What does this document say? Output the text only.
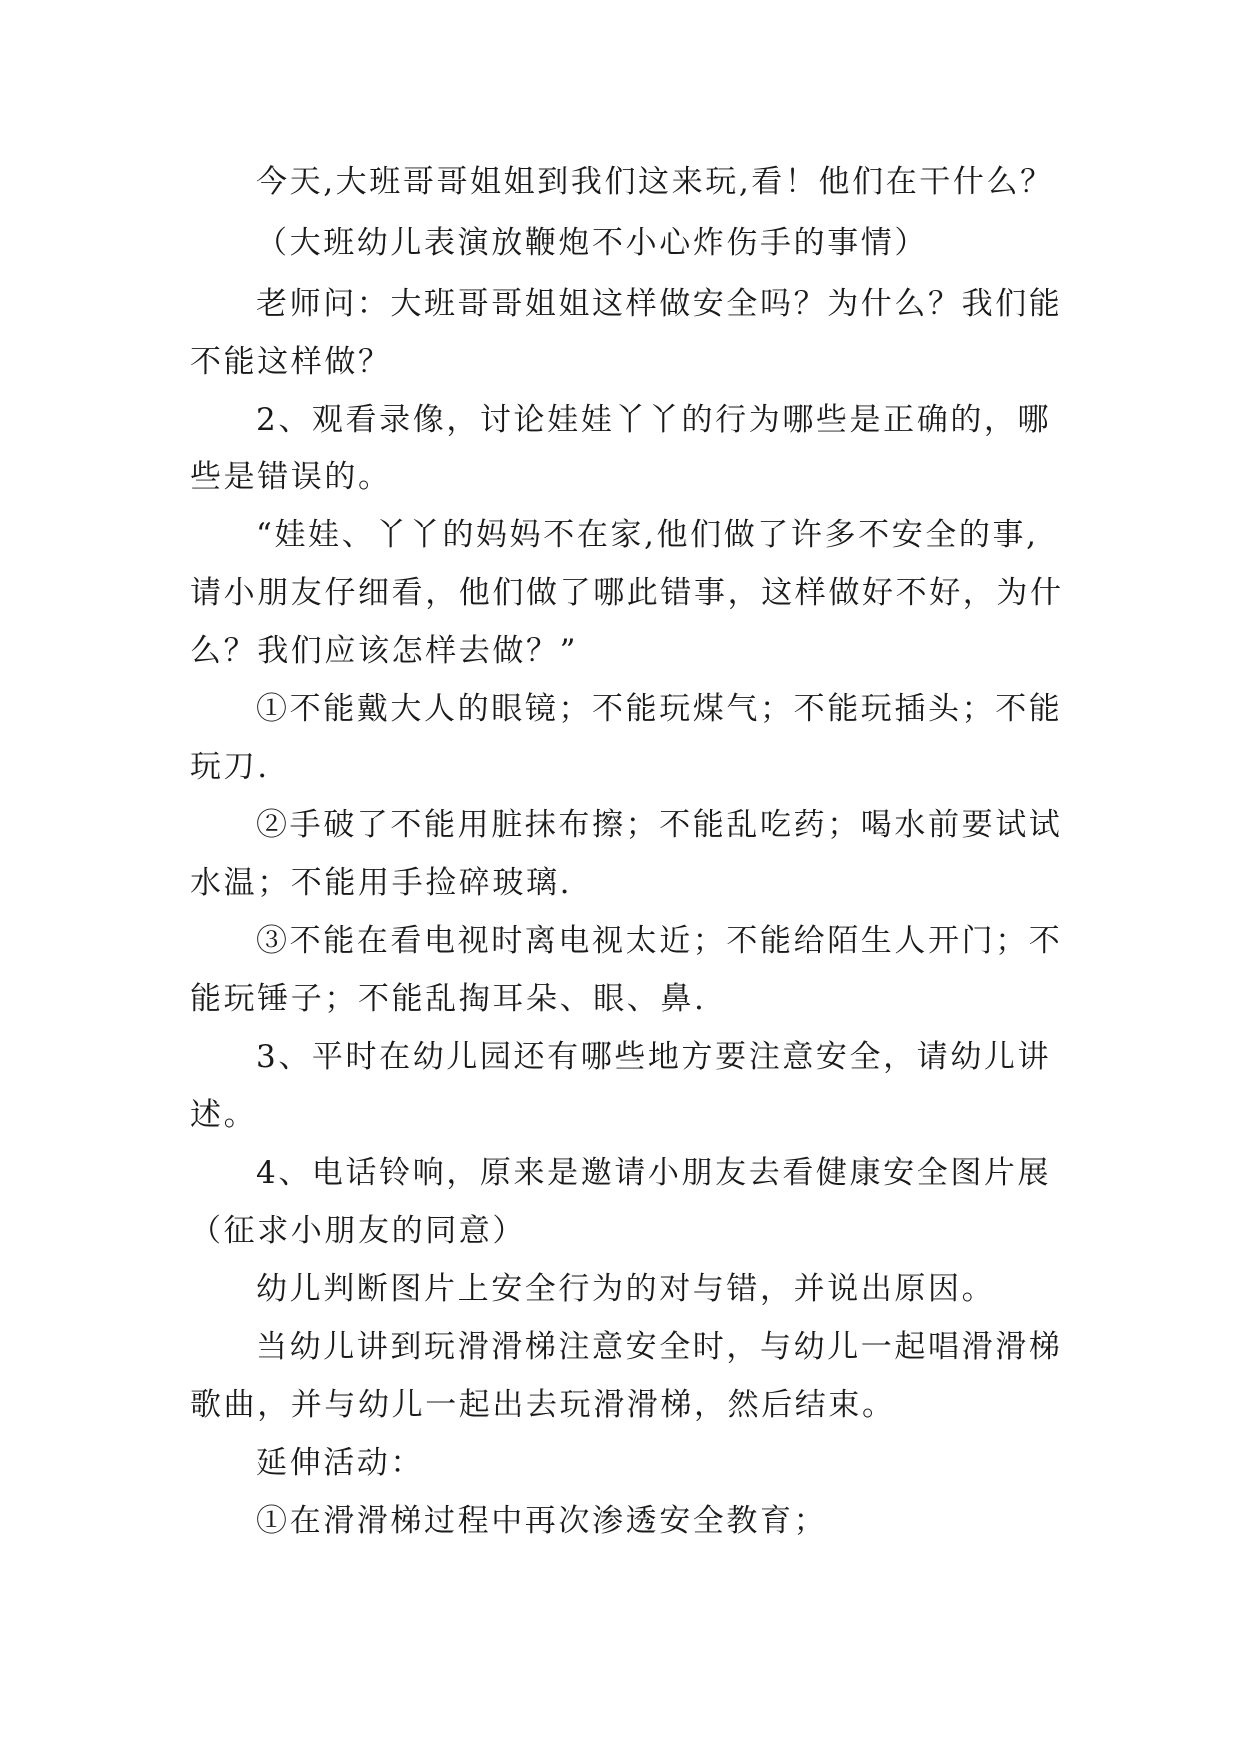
今天,大班哥哥姐姐到我们这来玩,看！他们在干什么？
（大班幼儿表演放鞭炮不小心炸伤手的事情）
老师问：大班哥哥姐姐这样做安全吗？为什么？我们能
不能这样做？
2、观看录像，讨论娃娃丫丫的行为哪些是正确的，哪
些是错误的。
“娃娃、丫丫的妈妈不在家,他们做了许多不安全的事,
请小朋友仔细看，他们做了哪此错事，这样做好不好，为什
么？我们应该怎样去做？”
①不能戴大人的眼镜；不能玩煤气；不能玩插头；不能
玩刀.
②手破了不能用脏抹布擦；不能乱吃药；喝水前要试试
水温；不能用手捡碎玻璃.
③不能在看电视时离电视太近；不能给陌生人开门；不
能玩锤子；不能乱掏耳朵、眼、鼻.
3、平时在幼儿园还有哪些地方要注意安全，请幼儿讲
述。
4、电话铃响，原来是邀请小朋友去看健康安全图片展
（征求小朋友的同意）
幼儿判断图片上安全行为的对与错，并说出原因。
当幼儿讲到玩滑滑梯注意安全时，与幼儿一起唱滑滑梯
歌曲，并与幼儿一起出去玩滑滑梯，然后结束。
延伸活动：
①在滑滑梯过程中再次渗透安全教育；
